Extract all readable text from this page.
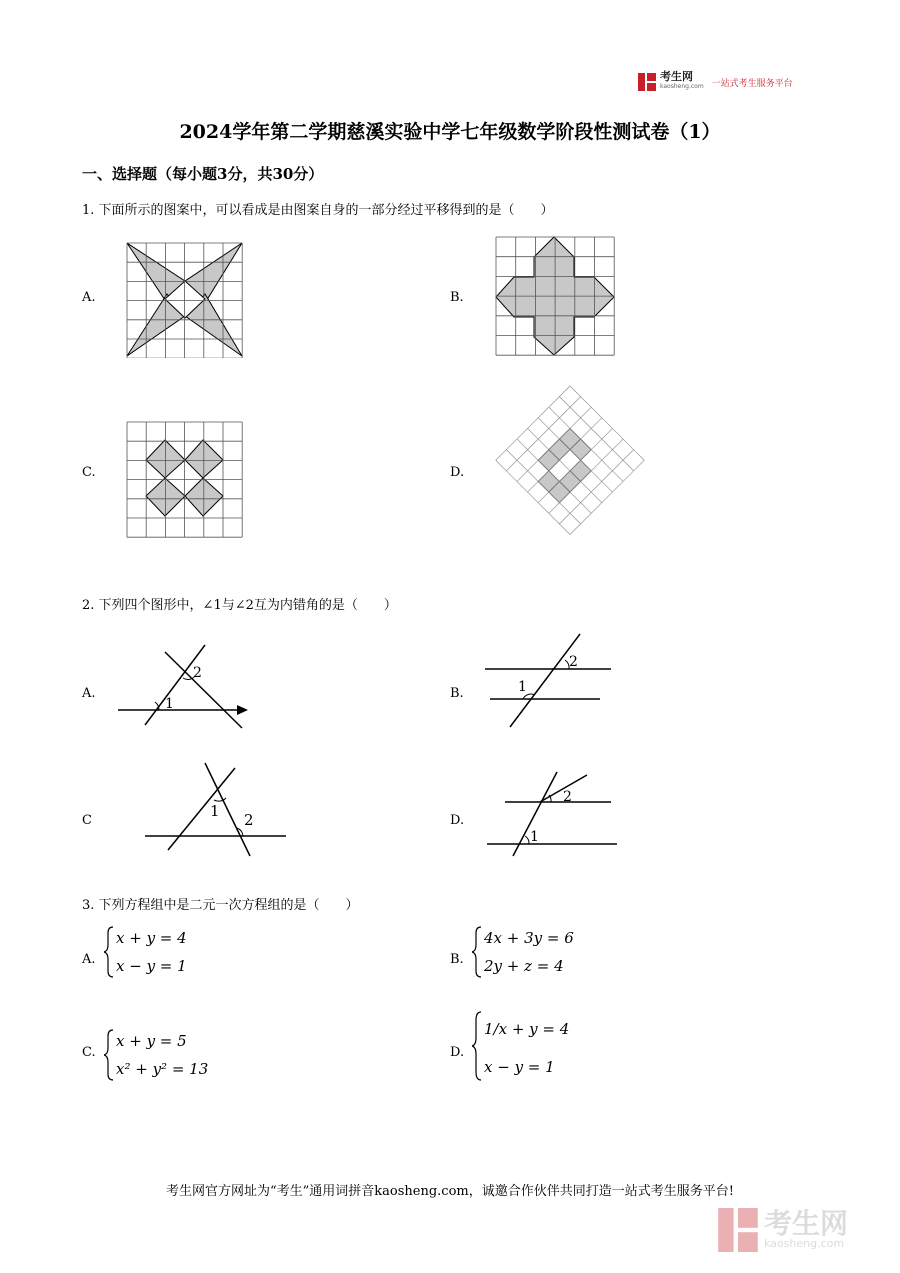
考生网
kaosheng.com 一站式考生服务平台
2024学年第二学期慈溪实验中学七年级数学阶段性测试卷（1）
一、选择题（每小题3分，共30分）
1. 下面所示的图案中，可以看成是由图案自身的一部分经过平移得到的是（　　）
A.	B.
C.	D.
2. 下列四个图形中，∠1与∠2互为内错角的是（　　）
A.
1
2
B.
2
1
C
1 2	D.
2
1
3. 下列方程组中是二元一次方程组的是（　　）
A.
x + y = 4
x − y = 1	B.
4x + 3y = 6
2y + z = 4
C.
x + y = 5
x² + y² = 13
D.
1/x + y = 4
x − y = 1
考生网官方网址为“考生”通用词拼音kaosheng.com，诚邀合作伙伴共同打造一站式考生服务平台!
考生网
kaosheng.com
